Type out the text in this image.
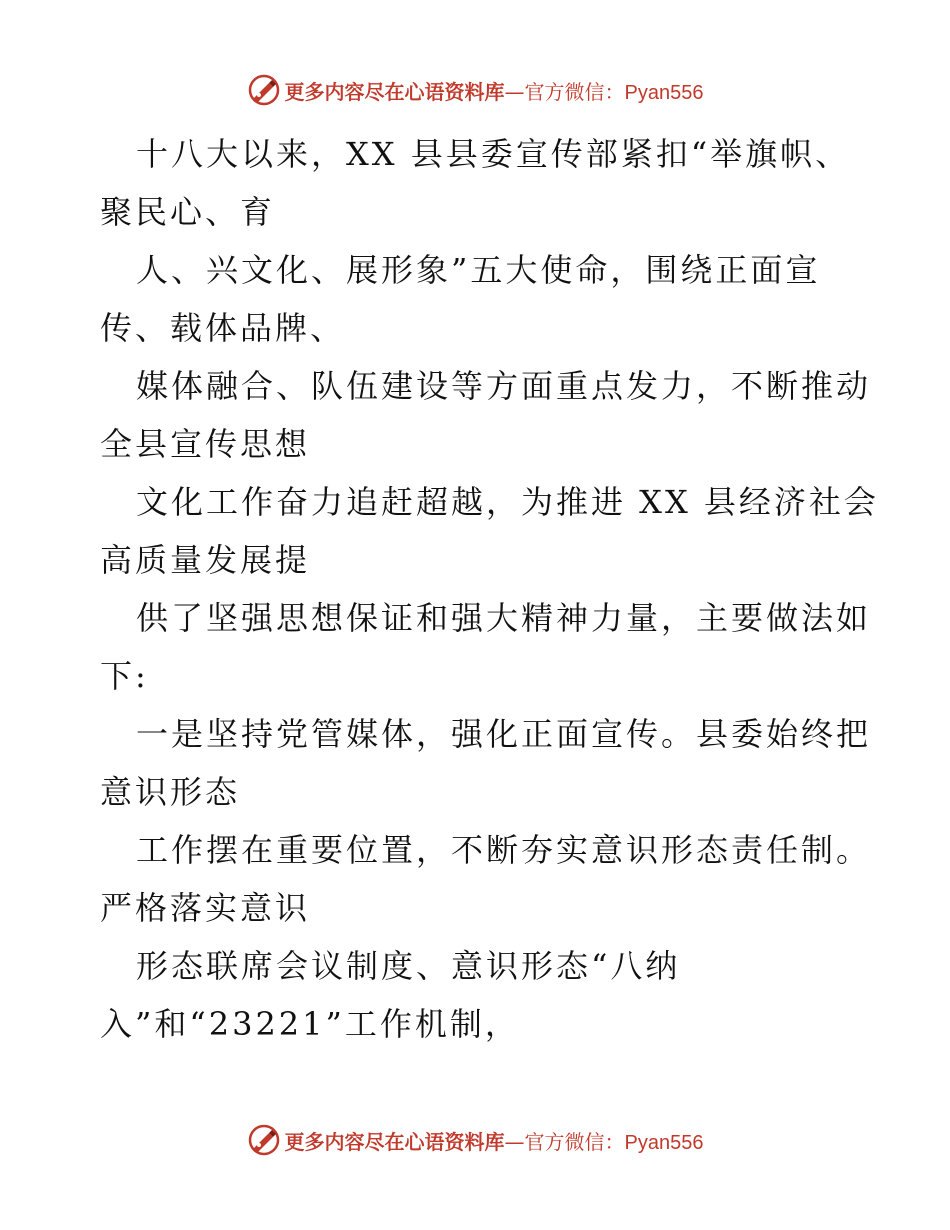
更多内容尽在心语资料库—官方微信：Pyan556
十八大以来，XX 县县委宣传部紧扣“举旗帜、
聚民心、育
人、兴文化、展形象”五大使命，围绕正面宣
传、载体品牌、
媒体融合、队伍建设等方面重点发力，不断推动
全县宣传思想
文化工作奋力追赶超越，为推进 XX 县经济社会
高质量发展提
供了坚强思想保证和强大精神力量，主要做法如
下:
一是坚持党管媒体，强化正面宣传。县委始终把
意识形态
工作摆在重要位置，不断夯实意识形态责任制。
严格落实意识
形态联席会议制度、意识形态“八纳
入”和“23221”工作机制，
更多内容尽在心语资料库—官方微信：Pyan556
